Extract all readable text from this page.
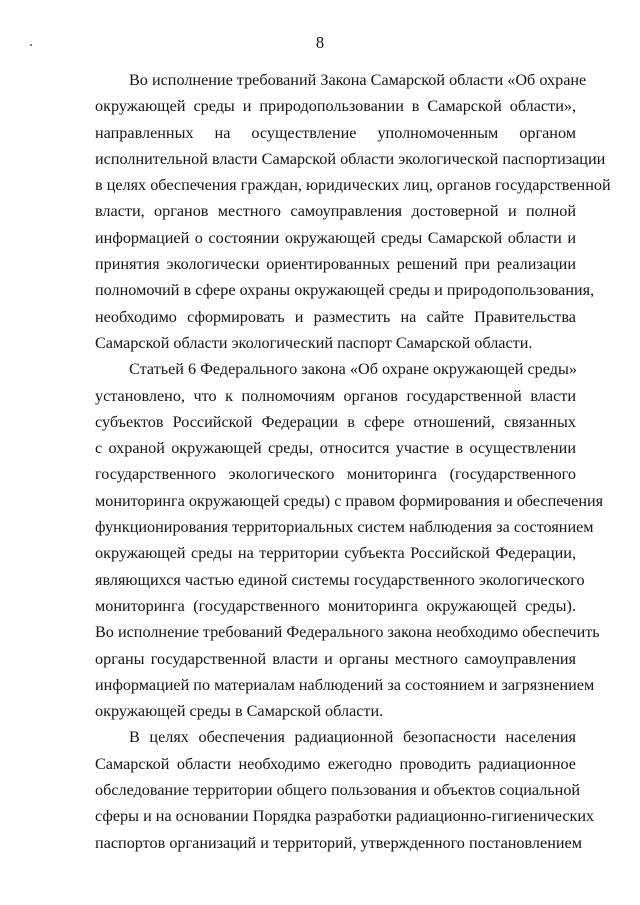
8
Во исполнение требований Закона Самарской области «Об охране
окружающей среды и природопользовании в Самарской области»,
направленных на осуществление уполномоченным органом
исполнительной власти Самарской области экологической паспортизации
в целях обеспечения граждан, юридических лиц, органов государственной
власти, органов местного самоуправления достоверной и полной
информацией о состоянии окружающей среды Самарской области и
принятия экологически ориентированных решений при реализации
полномочий в сфере охраны окружающей среды и природопользования,
необходимо сформировать и разместить на сайте Правительства
Самарской области экологический паспорт Самарской области.
Статьей 6 Федерального закона «Об охране окружающей среды»
установлено, что к полномочиям органов государственной власти
субъектов Российской Федерации в сфере отношений, связанных
с охраной окружающей среды, относится участие в осуществлении
государственного экологического мониторинга (государственного
мониторинга окружающей среды) с правом формирования и обеспечения
функционирования территориальных систем наблюдения за состоянием
окружающей среды на территории субъекта Российской Федерации,
являющихся частью единой системы государственного экологического
мониторинга (государственного мониторинга окружающей среды).
Во исполнение требований Федерального закона необходимо обеспечить
органы государственной власти и органы местного самоуправления
информацией по материалам наблюдений за состоянием и загрязнением
окружающей среды в Самарской области.
В целях обеспечения радиационной безопасности населения
Самарской области необходимо ежегодно проводить радиационное
обследование территории общего пользования и объектов социальной
сферы и на основании Порядка разработки радиационно-гигиенических
паспортов организаций и территорий, утвержденного постановлением
